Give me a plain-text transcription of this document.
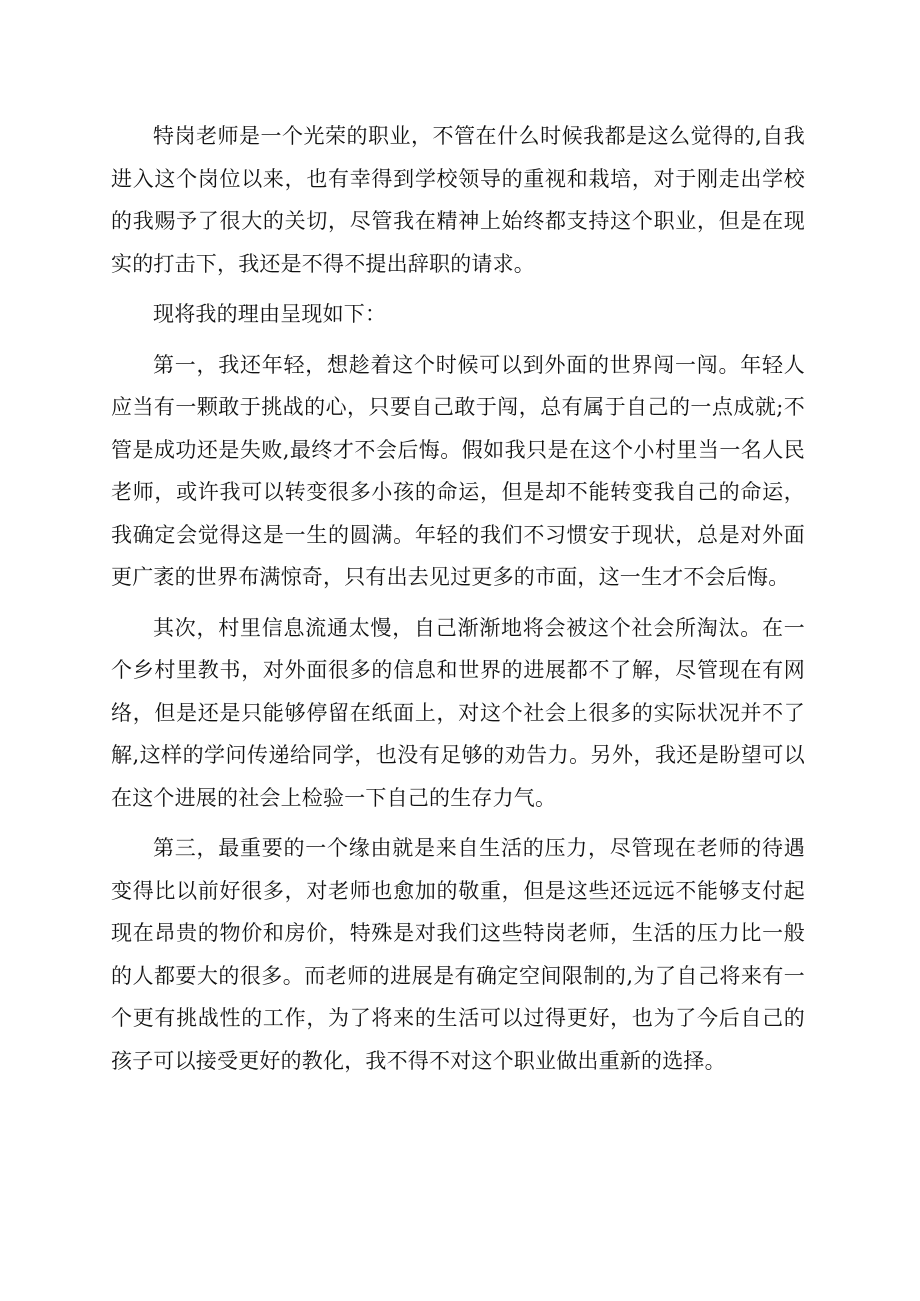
特岗老师是一个光荣的职业，不管在什么时候我都是这么觉得的,自我进入这个岗位以来，也有幸得到学校领导的重视和栽培，对于刚走出学校的我赐予了很大的关切，尽管我在精神上始终都支持这个职业，但是在现实的打击下，我还是不得不提出辞职的请求。

现将我的理由呈现如下：

第一，我还年轻，想趁着这个时候可以到外面的世界闯一闯。年轻人应当有一颗敢于挑战的心，只要自己敢于闯，总有属于自己的一点成就;不管是成功还是失败,最终才不会后悔。假如我只是在这个小村里当一名人民老师，或许我可以转变很多小孩的命运，但是却不能转变我自己的命运，我确定会觉得这是一生的圆满。年轻的我们不习惯安于现状，总是对外面更广袤的世界布满惊奇，只有出去见过更多的市面，这一生才不会后悔。

其次，村里信息流通太慢，自己渐渐地将会被这个社会所淘汰。在一个乡村里教书，对外面很多的信息和世界的进展都不了解，尽管现在有网络，但是还是只能够停留在纸面上，对这个社会上很多的实际状况并不了解,这样的学问传递给同学，也没有足够的劝告力。另外，我还是盼望可以在这个进展的社会上检验一下自己的生存力气。

第三，最重要的一个缘由就是来自生活的压力，尽管现在老师的待遇变得比以前好很多，对老师也愈加的敬重，但是这些还远远不能够支付起现在昂贵的物价和房价，特殊是对我们这些特岗老师，生活的压力比一般的人都要大的很多。而老师的进展是有确定空间限制的,为了自己将来有一个更有挑战性的工作，为了将来的生活可以过得更好，也为了今后自己的孩子可以接受更好的教化，我不得不对这个职业做出重新的选择。
